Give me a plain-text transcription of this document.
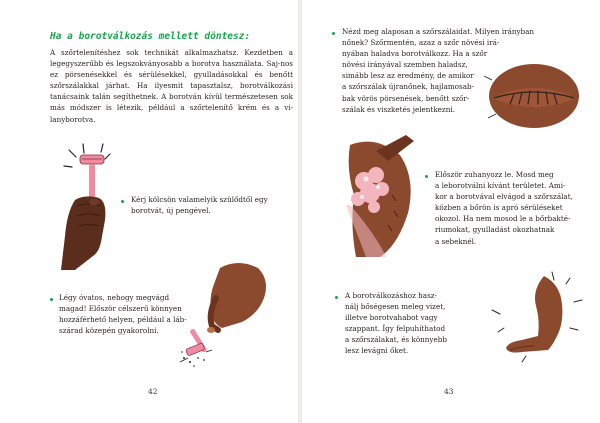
Ha a borotválkozás mellett döntesz:

A szőrtelenítéshez sok technikát alkalmazhatsz. Kezdetben a legegyszerűbb és legszokványosabb a borotva használata. Saj-nos ez pörsenésekkel és sérülésekkel, gyulladásokkal és benőtt szőrszálakkal járhat. Ha ilyesmit tapasztalsz, borotválkozási tanácsaink talán segíthetnek. A borotván kívül természetesen sok más módszer is létezik, például a szőrtelenítő krém és a vi-lanyborotva.

Kérj kölcsön valamelyik szülődtől egy
borotvát, új pengével.

Légy óvatos, nehogy megvágd
magad! Először célszerű könnyen
hozzáférhető helyen, például a láb-
szárad közepén gyakorolni.

42

Nézd meg alaposan a szőrszálaidat. Milyen irányban
nőnek? Szőrmentén, azaz a szőr növési irá-
nyában haladva borotválkozz. Ha a szőr
növési irányával szemben haladsz,
simább lesz az eredmény, de amikor
a szőrszálak újranőnek, hajlamosab-
bak vörös pörsenések, benőtt szőr-
szálak és viszketés jelentkezni.

Először zuhanyozz le. Mosd meg
a leborotválni kívánt területet. Ami-
kor a borotvával elvágod a szőrszálat,
közben a bőrön is apró sérüléseket
okozol. Ha nem mosod le a bőrbakté-
riumokat, gyulladást okozhatnak
a sebeknél.

A borotválkozáshoz hasz-
nálj bőségesen meleg vizet,
illetve borotvahabot vagy
szappant. Így felpuhíthatod
a szőrszálakat, és könnyebb
lesz levágni őket.

43
